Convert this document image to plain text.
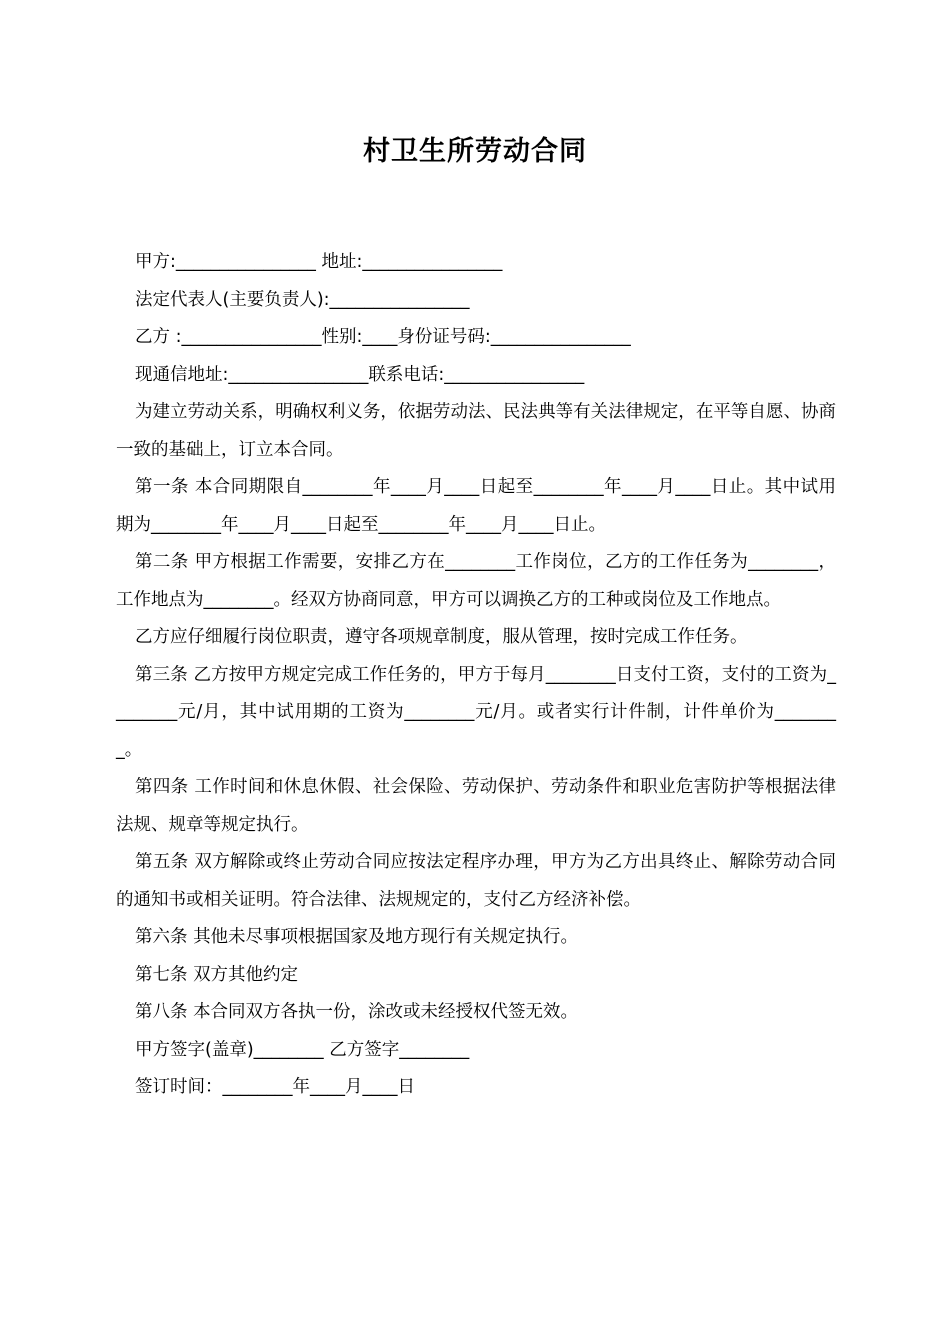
村卫生所劳动合同

甲方:________________ 地址:________________

法定代表人(主要负责人):________________

乙方 :________________性别:____身份证号码:________________

现通信地址:________________联系电话:________________

为建立劳动关系，明确权利义务，依据劳动法、民法典等有关法律规定，在平等自愿、协商一致的基础上，订立本合同。

第一条 本合同期限自________年____月____日起至________年____月____日止。其中试用期为________年____月____日起至________年____月____日止。

第二条 甲方根据工作需要，安排乙方在________工作岗位，乙方的工作任务为________，工作地点为________。经双方协商同意，甲方可以调换乙方的工种或岗位及工作地点。

乙方应仔细履行岗位职责，遵守各项规章制度，服从管理，按时完成工作任务。

第三条 乙方按甲方规定完成工作任务的，甲方于每月________日支付工资，支付的工资为________元/月，其中试用期的工资为________元/月。或者实行计件制，计件单价为________。

第四条 工作时间和休息休假、社会保险、劳动保护、劳动条件和职业危害防护等根据法律法规、规章等规定执行。

第五条 双方解除或终止劳动合同应按法定程序办理，甲方为乙方出具终止、解除劳动合同的通知书或相关证明。符合法律、法规规定的，支付乙方经济补偿。

第六条 其他未尽事项根据国家及地方现行有关规定执行。

第七条 双方其他约定

第八条 本合同双方各执一份，涂改或未经授权代签无效。

甲方签字(盖章)________ 乙方签字________

签订时间：________年____月____日
